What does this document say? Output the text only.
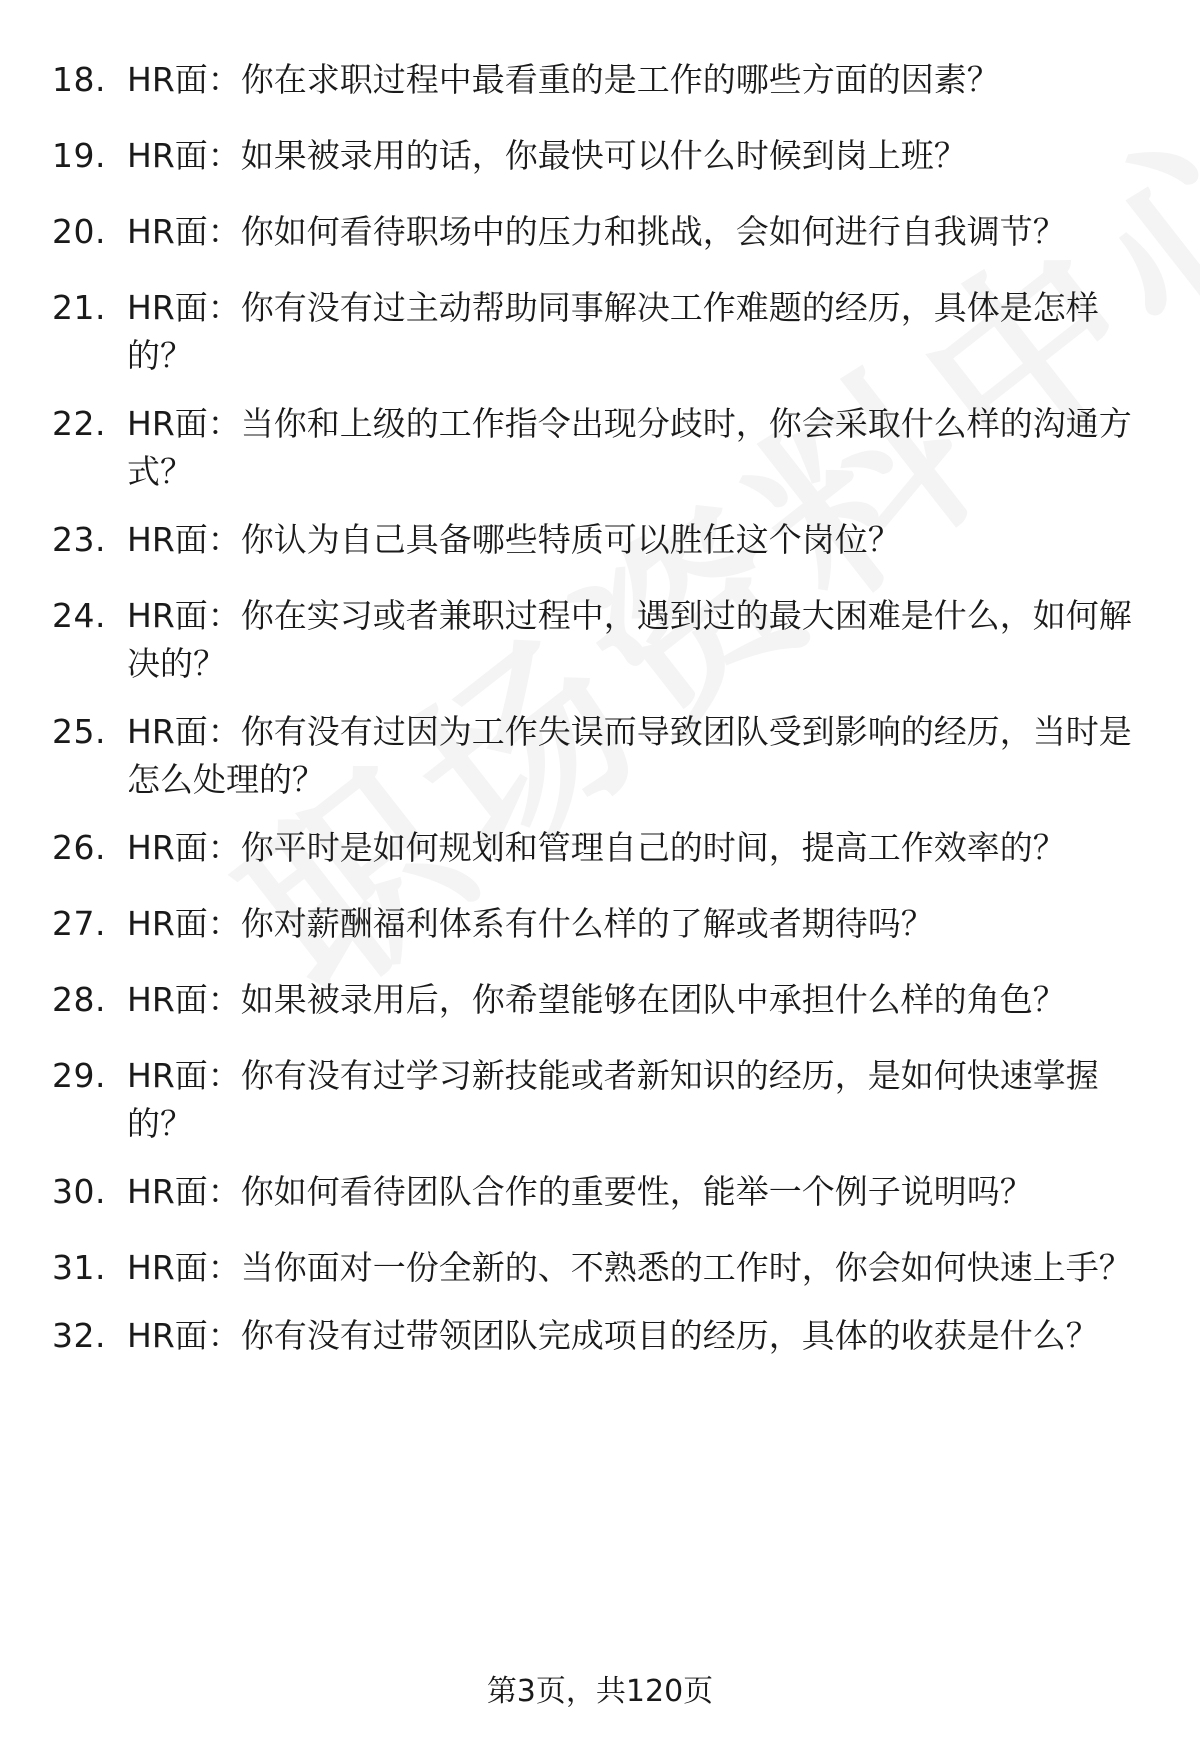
18. HR面：你在求职过程中最看重的是工作的哪些方面的因素？
19. HR面：如果被录用的话，你最快可以什么时候到岗上班？
20. HR面：你如何看待职场中的压力和挑战，会如何进行自我调节？
21. HR面：你有没有过主动帮助同事解决工作难题的经历，具体是怎样的？
22. HR面：当你和上级的工作指令出现分歧时，你会采取什么样的沟通方式？
23. HR面：你认为自己具备哪些特质可以胜任这个岗位？
24. HR面：你在实习或者兼职过程中，遇到过的最大困难是什么，如何解决的？
25. HR面：你有没有过因为工作失误而导致团队受到影响的经历，当时是怎么处理的？
26. HR面：你平时是如何规划和管理自己的时间，提高工作效率的？
27. HR面：你对薪酬福利体系有什么样的了解或者期待吗？
28. HR面：如果被录用后，你希望能够在团队中承担什么样的角色？
29. HR面：你有没有过学习新技能或者新知识的经历，是如何快速掌握的？
30. HR面：你如何看待团队合作的重要性，能举一个例子说明吗？
31. HR面：当你面对一份全新的、不熟悉的工作时，你会如何快速上手？
32. HR面：你有没有过带领团队完成项目的经历，具体的收获是什么？
第3页，共120页
